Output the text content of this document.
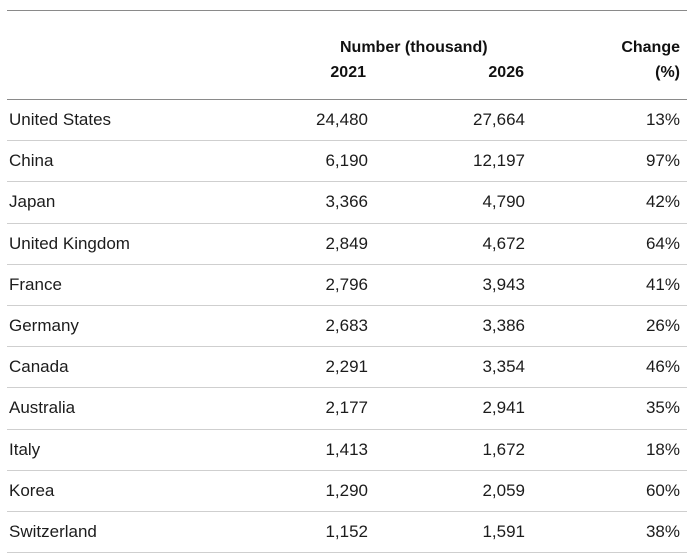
Number (thousand)
2021	2026
Change
(%)
United States	24,480	27,664	13%
China	6,190	12,197	97%
Japan	3,366	4,790	42%
United Kingdom	2,849	4,672	64%
France	2,796	3,943	41%
Germany	2,683	3,386	26%
Canada	2,291	3,354	46%
Australia	2,177	2,941	35%
Italy	1,413	1,672	18%
Korea	1,290	2,059	60%
Switzerland	1,152	1,591	38%
